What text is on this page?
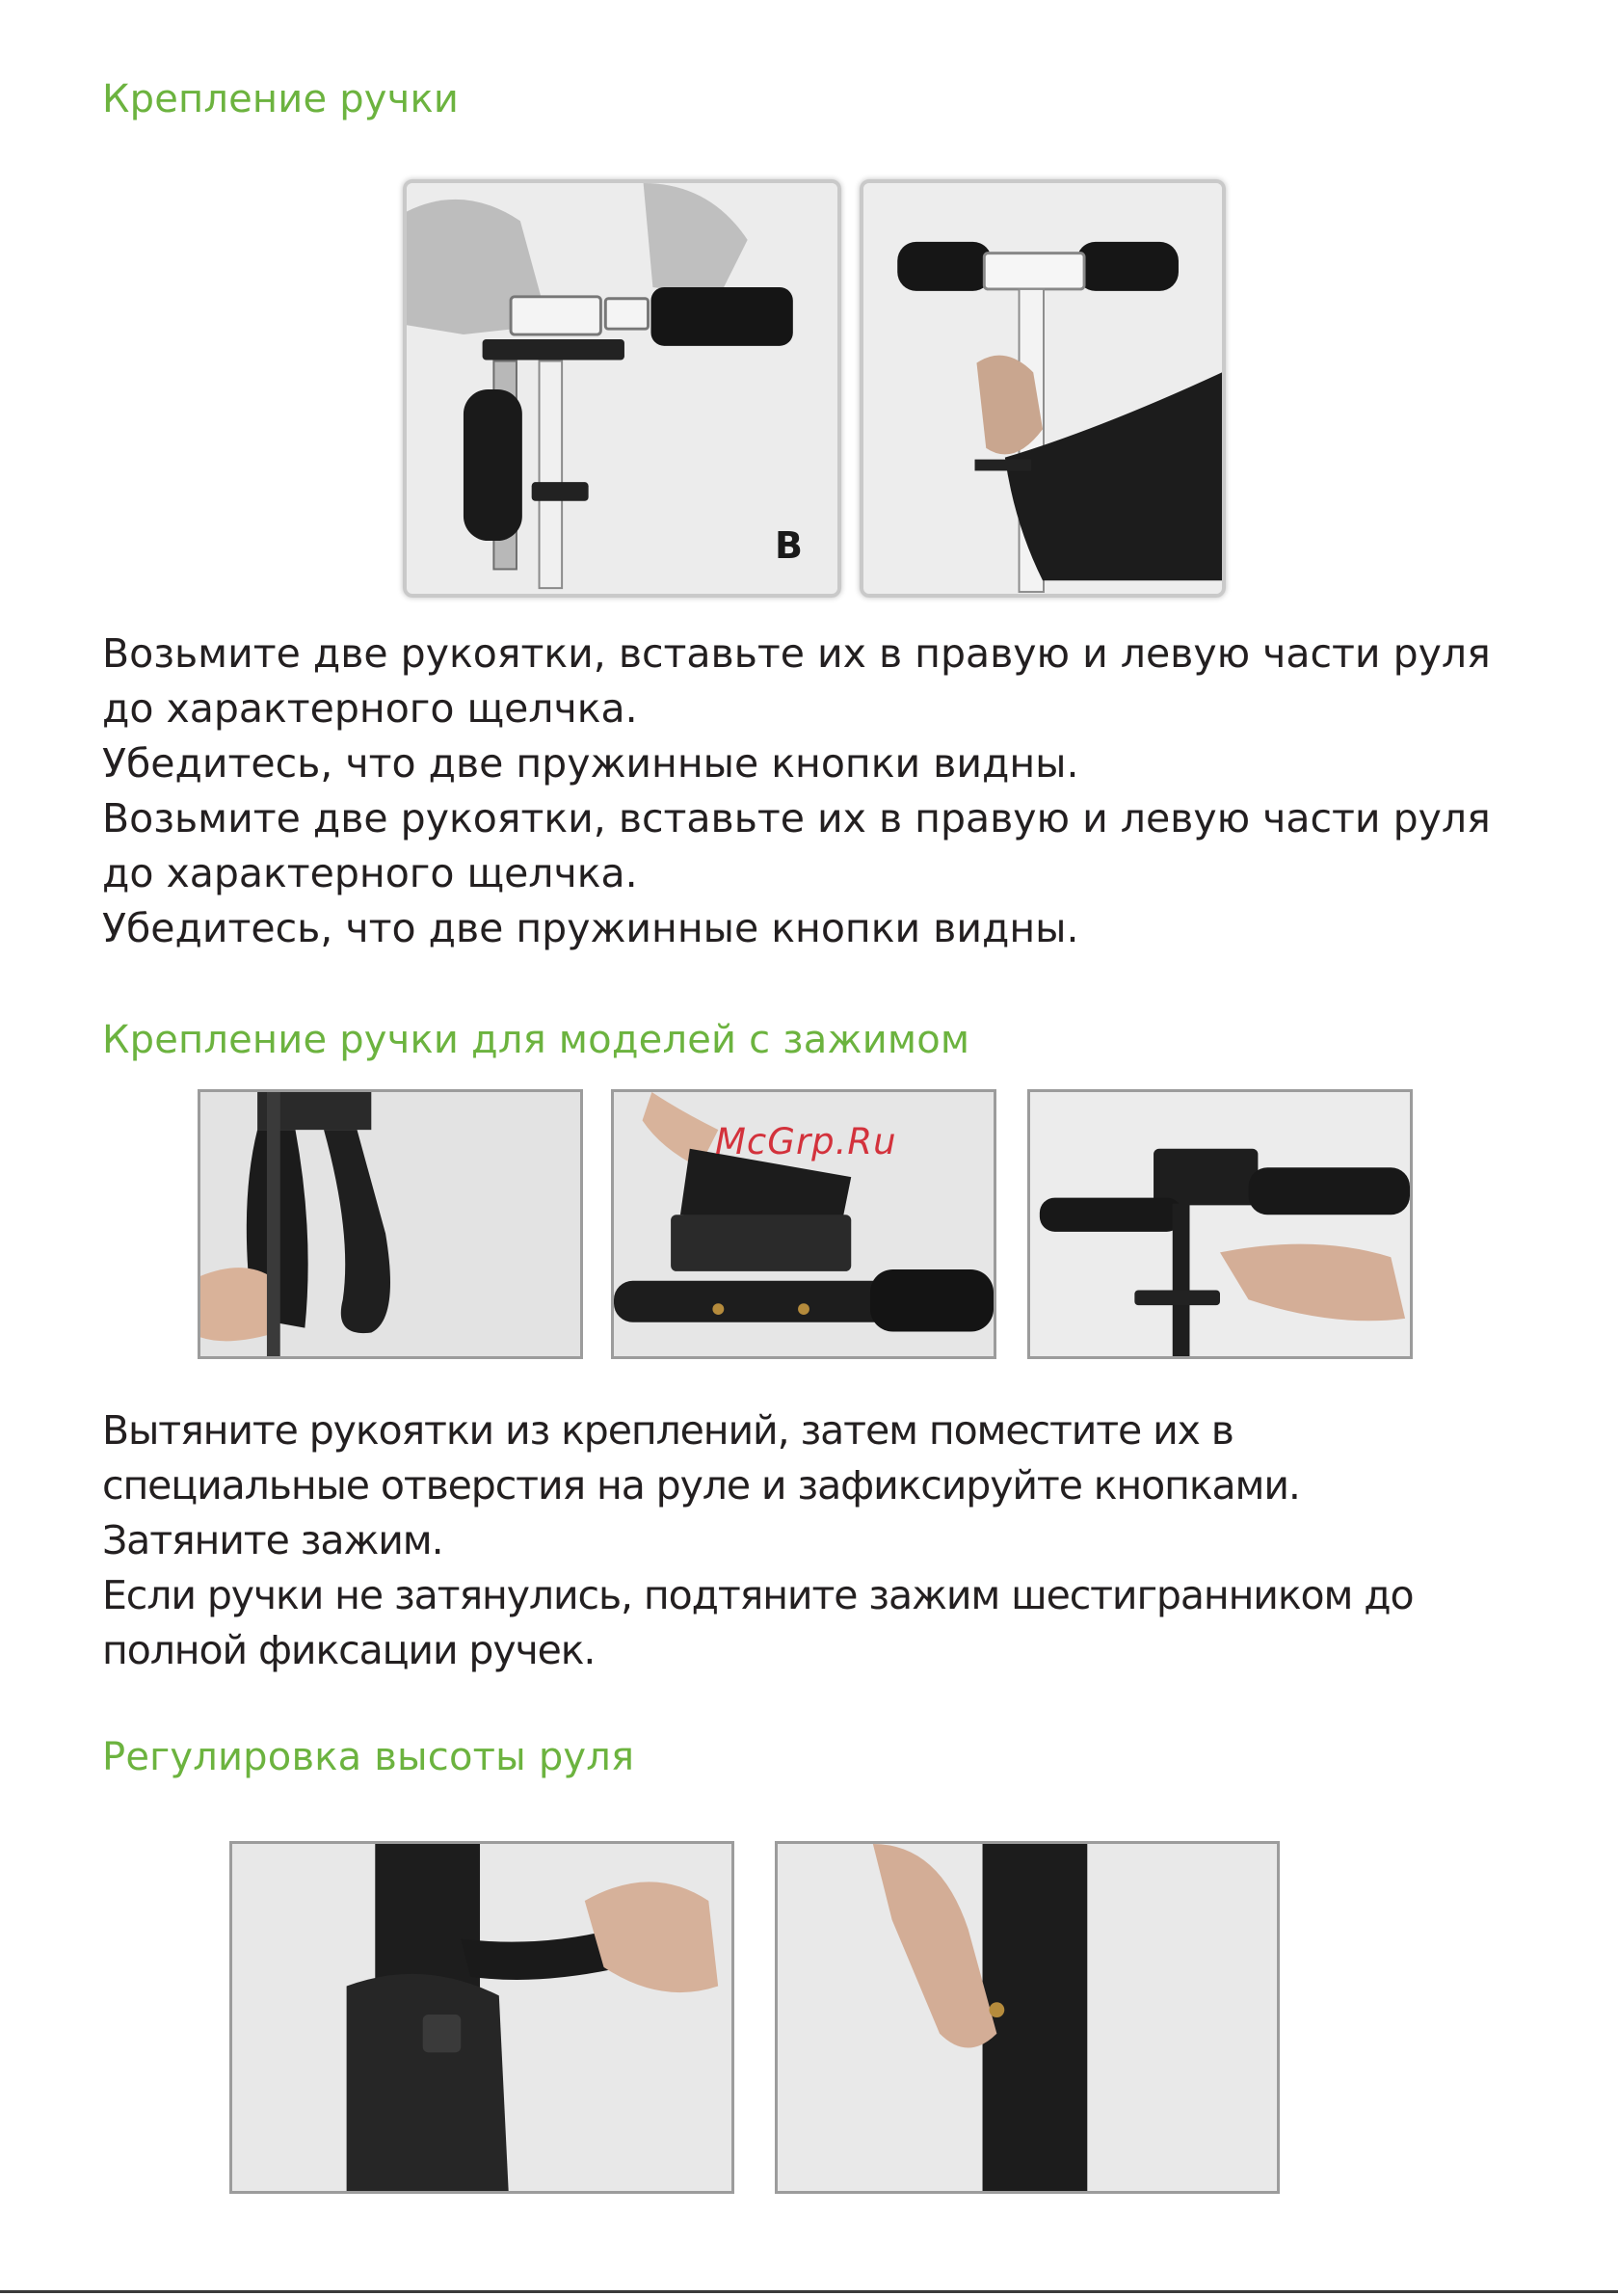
Крепление ручки
B

Возьмите две рукоятки, вставьте их в правую и левую части руля до характерного щелчка.

Убедитесь, что две пружинные кнопки видны.

Возьмите две рукоятки, вставьте их в правую и левую части руля до характерного щелчка.

Убедитесь, что две пружинные кнопки видны.

Крепление ручки для моделей с зажимом
McGrp.Ru

Вытяните рукоятки из креплений, затем поместите их в специальные отверстия на руле и зафиксируйте кнопками.

Затяните зажим.

Если ручки не затянулись, подтяните зажим шестигранником до полной фиксации ручек.

Регулировка высоты руля
